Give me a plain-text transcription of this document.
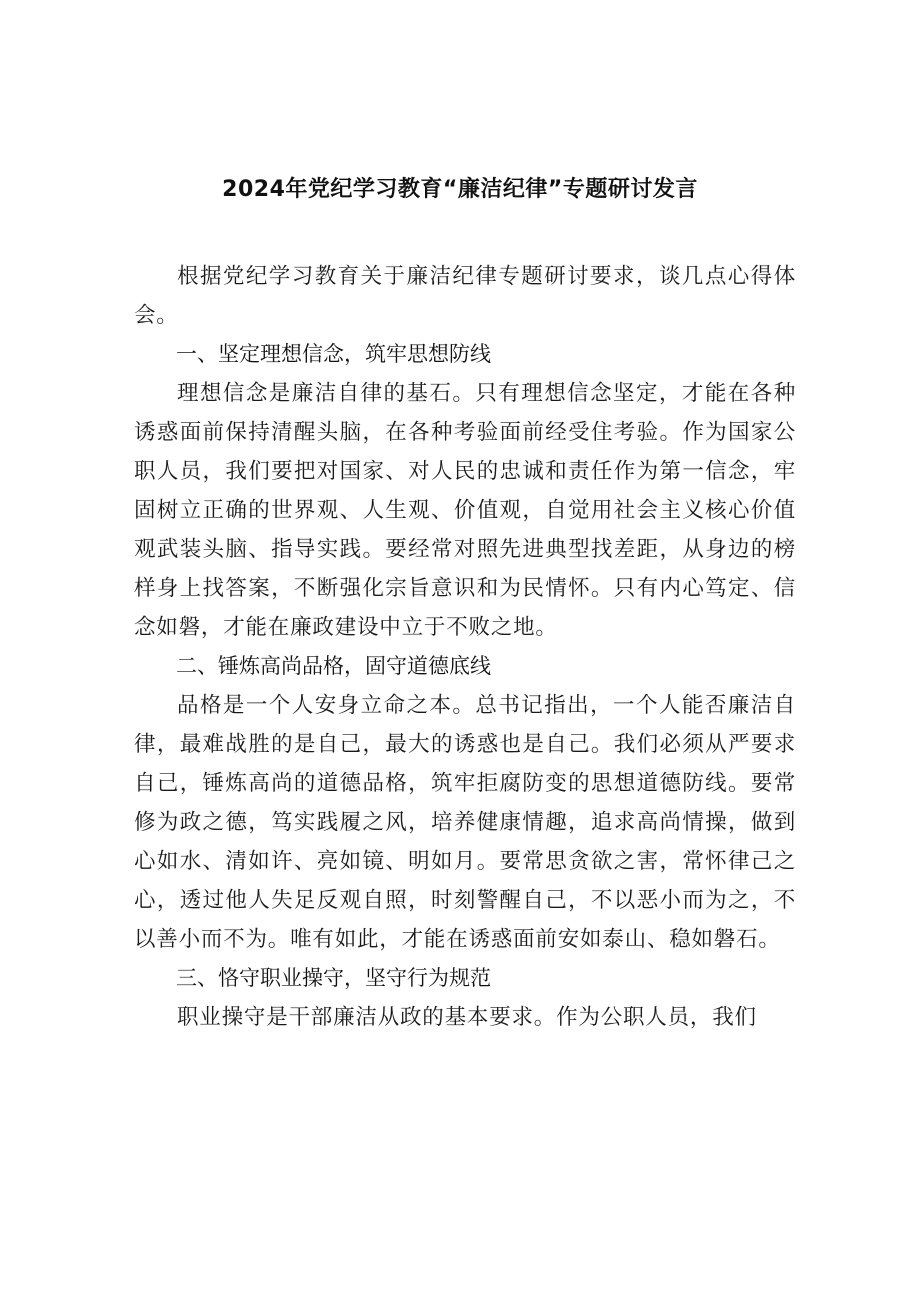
2024年党纪学习教育“廉洁纪律”专题研讨发言

根据党纪学习教育关于廉洁纪律专题研讨要求，谈几点心得体会。

一、坚定理想信念，筑牢思想防线

理想信念是廉洁自律的基石。只有理想信念坚定，才能在各种诱惑面前保持清醒头脑，在各种考验面前经受住考验。作为国家公职人员，我们要把对国家、对人民的忠诚和责任作为第一信念，牢固树立正确的世界观、人生观、价值观，自觉用社会主义核心价值观武装头脑、指导实践。要经常对照先进典型找差距，从身边的榜样身上找答案，不断强化宗旨意识和为民情怀。只有内心笃定、信念如磐，才能在廉政建设中立于不败之地。

二、锤炼高尚品格，固守道德底线

品格是一个人安身立命之本。总书记指出，一个人能否廉洁自律，最难战胜的是自己，最大的诱惑也是自己。我们必须从严要求自己，锤炼高尚的道德品格，筑牢拒腐防变的思想道德防线。要常修为政之德，笃实践履之风，培养健康情趣，追求高尚情操，做到心如水、清如许、亮如镜、明如月。要常思贪欲之害，常怀律己之心，透过他人失足反观自照，时刻警醒自己，不以恶小而为之，不以善小而不为。唯有如此，才能在诱惑面前安如泰山、稳如磐石。

三、恪守职业操守，坚守行为规范

职业操守是干部廉洁从政的基本要求。作为公职人员，我们
